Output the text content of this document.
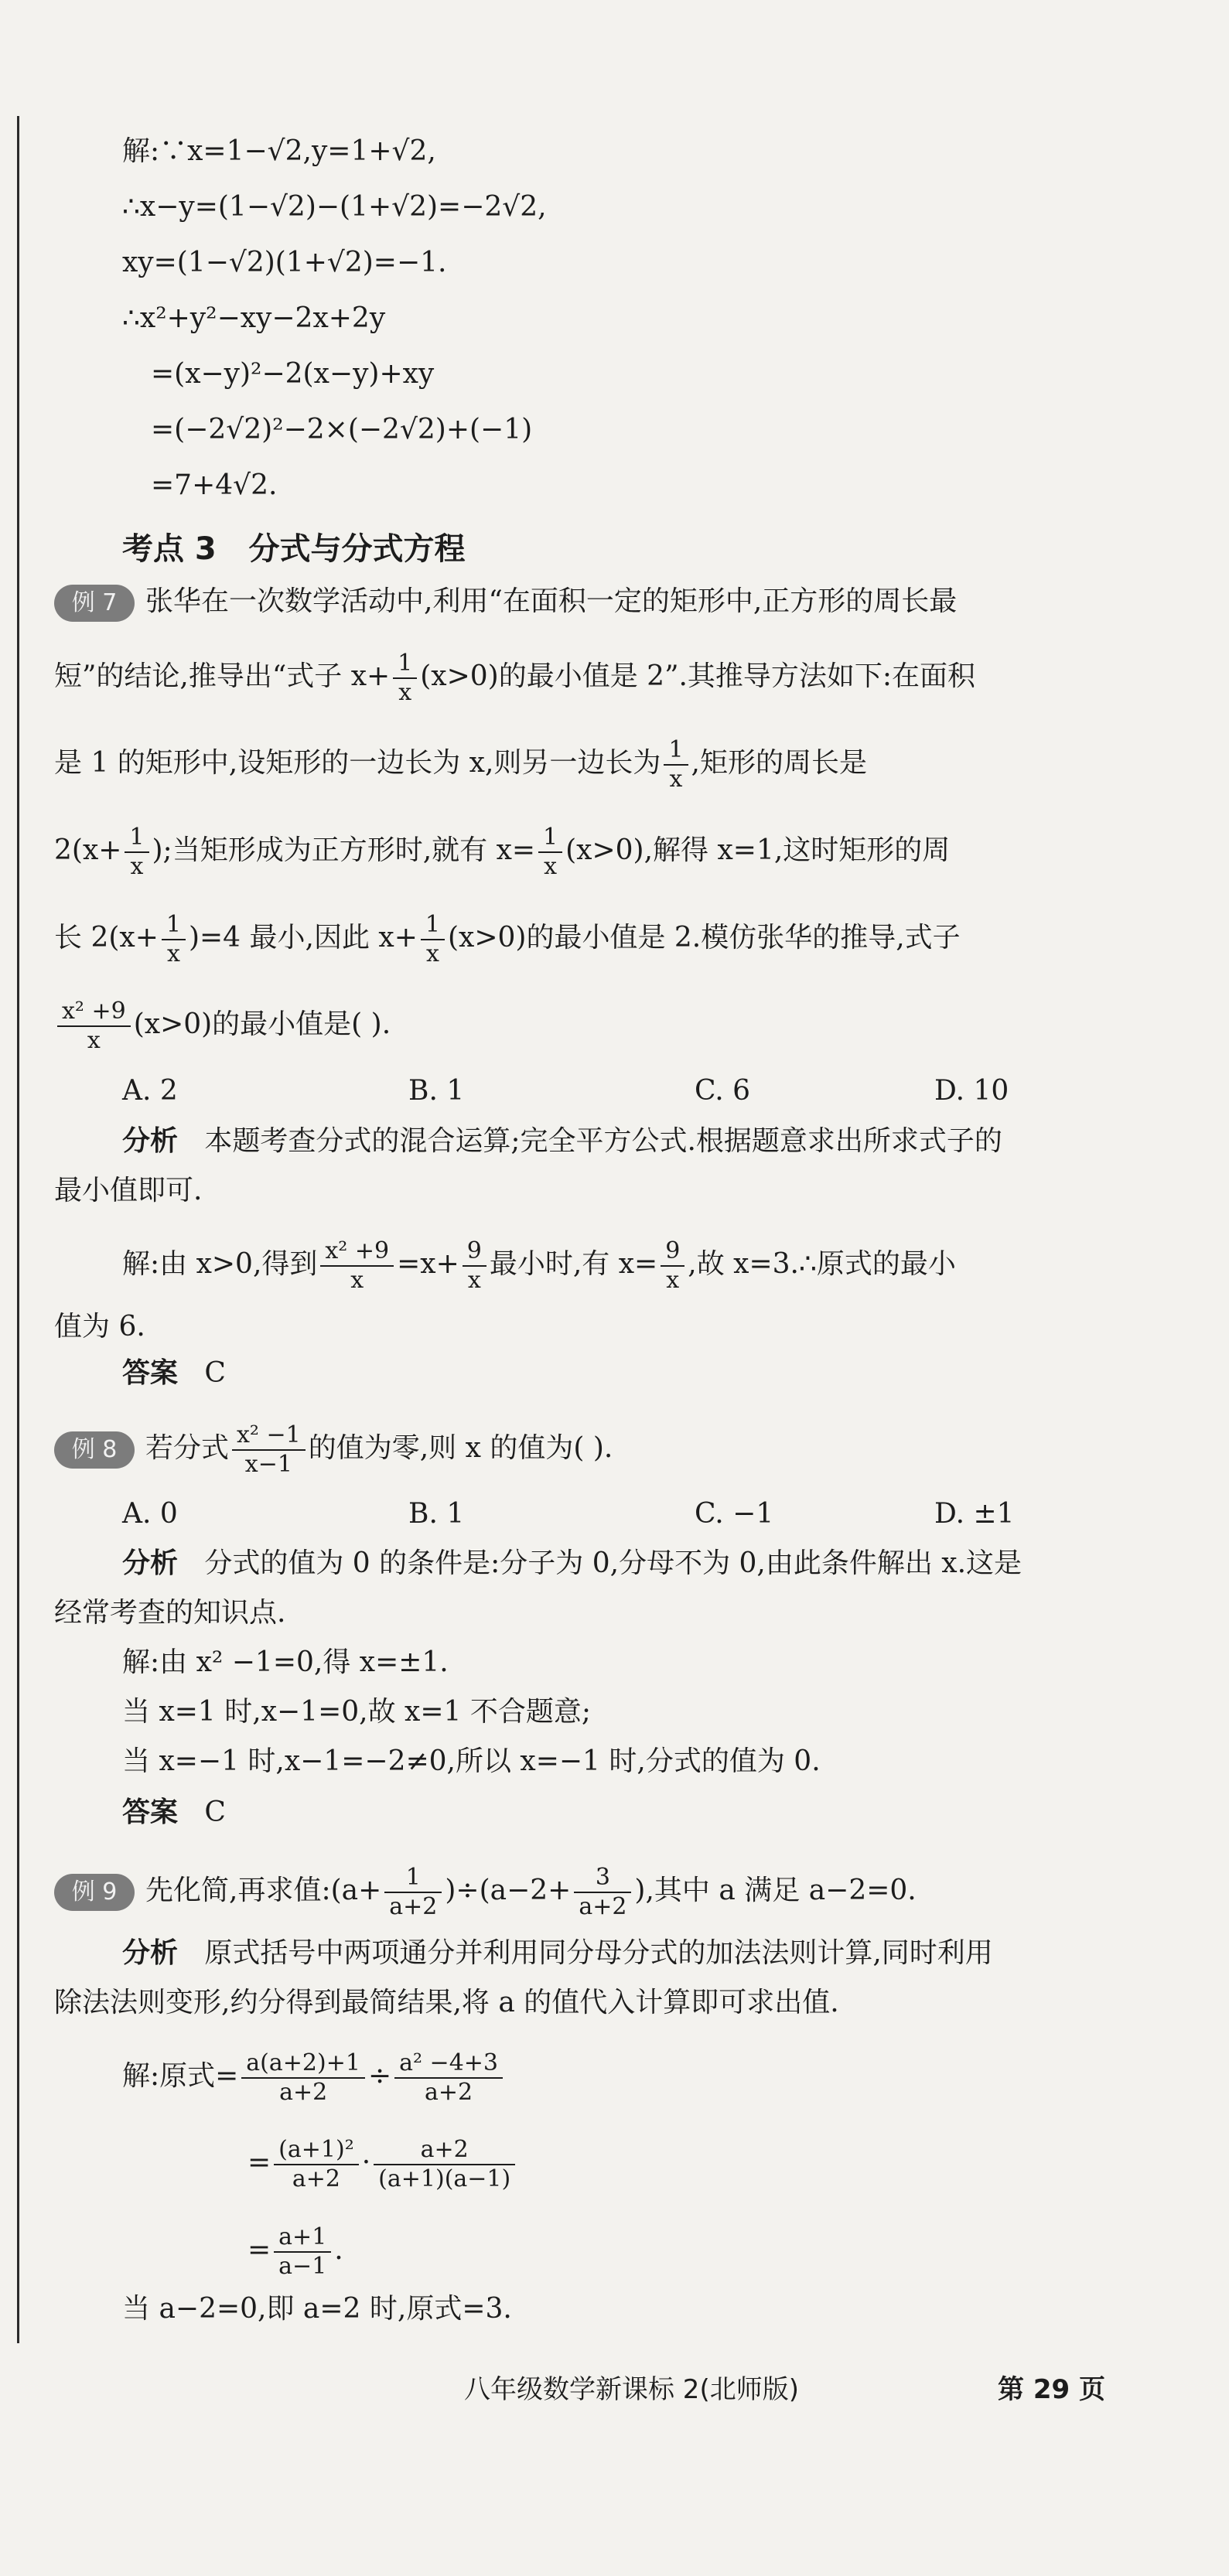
解:∵x=1−√2,y=1+√2,
∴x−y=(1−√2)−(1+√2)=−2√2,
xy=(1−√2)(1+√2)=−1.
∴x²+y²−xy−2x+2y
=(x−y)²−2(x−y)+xy
=(−2√2)²−2×(−2√2)+(−1)
=7+4√2.
考点 3 分式与分式方程
例 7 张华在一次数学活动中,利用“在面积一定的矩形中,正方形的周长最
短”的结论,推导出“式子 $x+ \frac{1}{x} (x>0)$的最小值是 2”.其推导方法如下:在面积
是 1 的矩形中,设矩形的一边长为 x,则另一边长为 $\frac{1}{x}$ ,矩形的周长是
$2(x+ \frac{1}{x}$ );当矩形成为正方形时,就有 $x= \frac{1}{x} (x>0)$,解得 x=1,这时矩形的周
长 $2(x+ \frac{1}{x} )=4$ 最小,因此 $x+ \frac{1}{x} (x>0)$的最小值是 2.模仿张华的推导,式子
$\frac{\text{x² +9}}{x} (x>0)$的最小值是( ).
A. 2	B. 1	C. 6	D. 10
分析 本题考查分式的混合运算;完全平方公式.根据题意求出所求式子的
最小值即可.
解:由 x>0,得到 $\frac{\text{x² +9}}{x} =x+ \frac{9}{x}$ 最小时,有 $x= \frac{9}{x}$ ,故 x=3.∴原式的最小
值为 6.
答案 C
例 8 若分式 $\frac{\text{x² −1}}{x-1}$ 的值为零,则 x 的值为( ).
A. 0	B. 1	C. −1	D. ±1
分析 分式的值为 0 的条件是:分子为 0,分母不为 0,由此条件解出 x.这是
经常考查的知识点.
解:由 x² −1=0,得 x=±1.
当 x=1 时,x−1=0,故 x=1 不合题意;
当 x=−1 时,x−1=−2≠0,所以 x=−1 时,分式的值为 0.
答案 C
例 9 先化简,再求值:(a+ $\frac{1}{a+2} )\div(a-2+ \frac{3}{a+2}$ ),其中 a 满足 a−2=0.
分析 原式括号中两项通分并利用同分母分式的加法法则计算,同时利用
除法法则变形,约分得到最简结果,将 a 的值代入计算即可求出值.
解:原式= $\frac{a(a+2)+1}{a+2} \div \frac{\text{a² −4+3}}{a+2}$
= $\frac{\text{(a+1)²}}{a+2} \cdot \frac{a+2}{(a+1)(a-1)}$
= $\frac{a+1}{a-1}$ .
当 a−2=0,即 a=2 时,原式=3.
八年级数学新课标 2(北师版)	第 29 页
